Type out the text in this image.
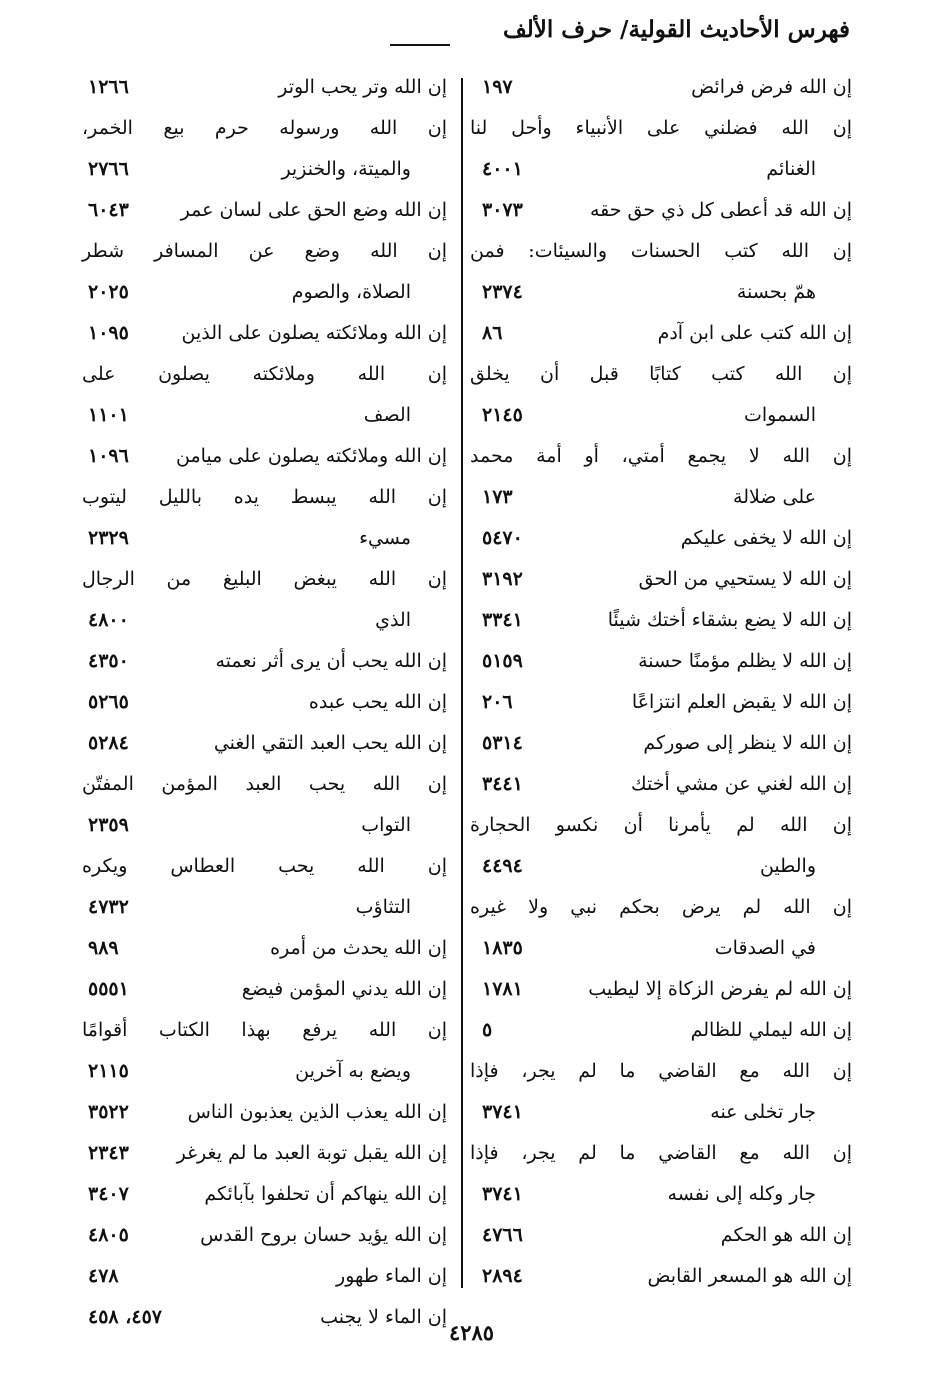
فهرس الأحاديث القولية/ حرف الألف
إن الله فرض فرائض
١٩٧
إن الله فضلني على الأنبياء وأحل لنا
الغنائم
٤٠٠١
إن الله قد أعطى كل ذي حق حقه
٣٠٧٣
إن الله كتب الحسنات والسيئات: فمن
همّ بحسنة
٢٣٧٤
إن الله كتب على ابن آدم
٨٦
إن الله كتب كتابًا قبل أن يخلق
السموات
٢١٤٥
إن الله لا يجمع أمتي، أو أمة محمد
على ضلالة
١٧٣
إن الله لا يخفى عليكم
٥٤٧٠
إن الله لا يستحيي من الحق
٣١٩٢
إن الله لا يضع بشقاء أختك شيئًا
٣٣٤١
إن الله لا يظلم مؤمنًا حسنة
٥١٥٩
إن الله لا يقبض العلم انتزاعًا
٢٠٦
إن الله لا ينظر إلى صوركم
٥٣١٤
إن الله لغني عن مشي أختك
٣٤٤١
إن الله لم يأمرنا أن نكسو الحجارة
والطين
٤٤٩٤
إن الله لم يرض بحكم نبي ولا غيره
في الصدقات
١٨٣٥
إن الله لم يفرض الزكاة إلا ليطيب
١٧٨١
إن الله ليملي للظالم
٥
إن الله مع القاضي ما لم يجر، فإذا
جار تخلى عنه
٣٧٤١
إن الله مع القاضي ما لم يجر، فإذا
جار وكله إلى نفسه
٣٧٤١
إن الله هو الحكم
٤٧٦٦
إن الله هو المسعر القابض
٢٨٩٤
إن الله وتر يحب الوتر
١٢٦٦
إن الله ورسوله حرم بيع الخمر،
والميتة، والخنزير
٢٧٦٦
إن الله وضع الحق على لسان عمر
٦٠٤٣
إن الله وضع عن المسافر شطر
الصلاة، والصوم
٢٠٢٥
إن الله وملائكته يصلون على الذين
١٠٩٥
إن الله وملائكته يصلون على
الصف
١١٠١
إن الله وملائكته يصلون على ميامن
١٠٩٦
إن الله يبسط يده بالليل ليتوب
مسيء
٢٣٢٩
إن الله يبغض البليغ من الرجال
الذي
٤٨٠٠
إن الله يحب أن يرى أثر نعمته
٤٣٥٠
إن الله يحب عبده
٥٢٦٥
إن الله يحب العبد التقي الغني
٥٢٨٤
إن الله يحب العبد المؤمن المفتّن
التواب
٢٣٥٩
إن الله يحب العطاس ويكره
التثاؤب
٤٧٣٢
إن الله يحدث من أمره
٩٨٩
إن الله يدني المؤمن فيضع
٥٥٥١
إن الله يرفع بهذا الكتاب أقوامًا
ويضع به آخرين
٢١١٥
إن الله يعذب الذين يعذبون الناس
٣٥٢٢
إن الله يقبل توبة العبد ما لم يغرغر
٢٣٤٣
إن الله ينهاكم أن تحلفوا بآبائكم
٣٤٠٧
إن الله يؤيد حسان بروح القدس
٤٨٠٥
إن الماء طهور
٤٧٨
إن الماء لا يجنب
٤٥٧، ٤٥٨
٤٢٨٥
